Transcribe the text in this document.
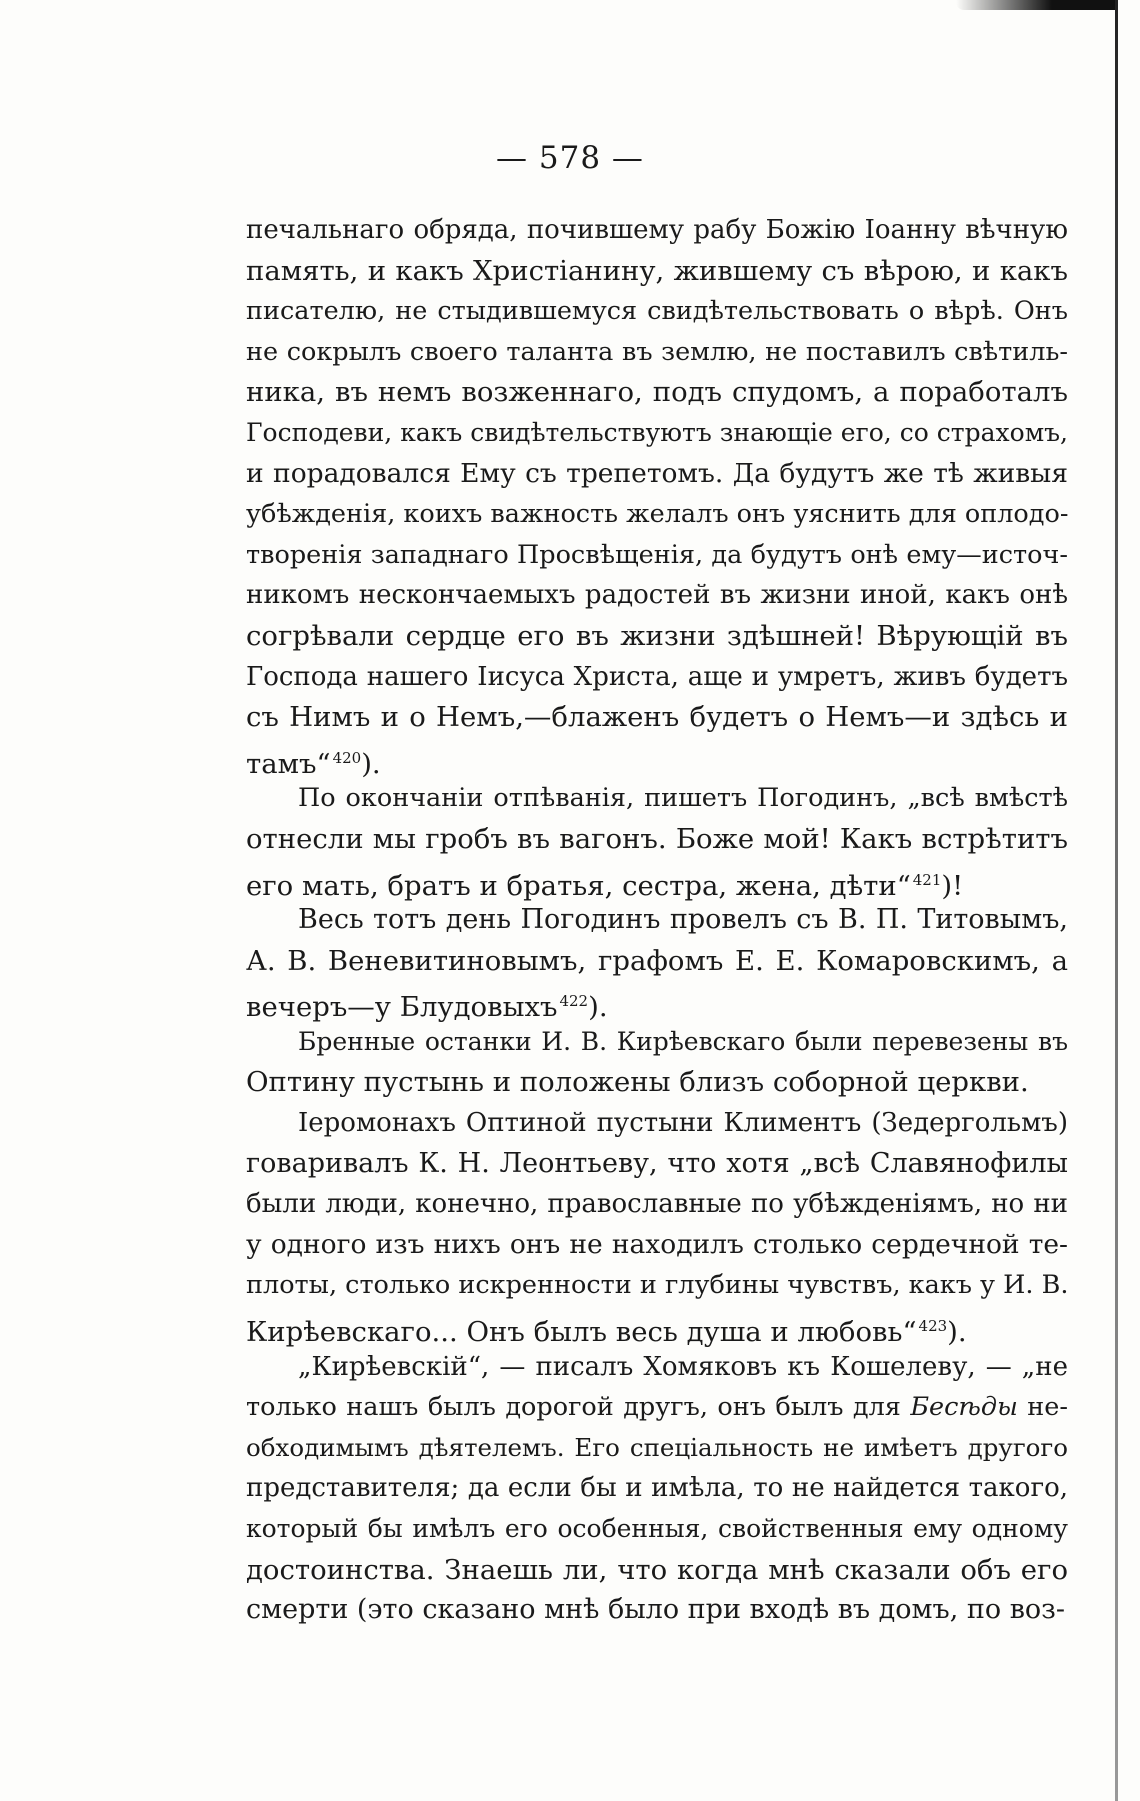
— 578 —
печальнаго обряда, почившему рабу Божію Іоанну вѣчную
память, и какъ Христіанину, жившему съ вѣрою, и какъ
писателю, не стыдившемуся свидѣтельствовать о вѣрѣ. Онъ
не сокрылъ своего таланта въ землю, не поставилъ свѣтиль-
ника, въ немъ возженнаго, подъ спудомъ, а поработалъ
Господеви, какъ свидѣтельствуютъ знающіе его, со страхомъ,
и порадовался Ему съ трепетомъ. Да будутъ же тѣ живыя
убѣжденія, коихъ важность желалъ онъ уяснить для оплодо-
творенія западнаго Просвѣщенія, да будутъ онѣ ему—источ-
никомъ нескончаемыхъ радостей въ жизни иной, какъ онѣ
согрѣвали сердце его въ жизни здѣшней! Вѣрующій въ
Господа нашего Іисуса Христа, аще и умретъ, живъ будетъ
съ Нимъ и о Немъ,—блаженъ будетъ о Немъ—и здѣсь и
тамъ“ $^{420}$).
По окончаніи отпѣванія, пишетъ Погодинъ, „всѣ вмѣстѣ
отнесли мы гробъ въ вагонъ. Боже мой! Какъ встрѣтитъ
его мать, братъ и братья, сестра, жена, дѣти“ $^{421}$)!
Весь тотъ день Погодинъ провелъ съ В. П. Титовымъ,
А. В. Веневитиновымъ, графомъ Е. Е. Комаровскимъ, а
вечеръ—у Блудовыхъ $^{422}$).
Бренные останки И. В. Кирѣевскаго были перевезены въ
Оптину пустынь и положены близъ соборной церкви.
Іеромонахъ Оптиной пустыни Климентъ (Зедергольмъ)
говаривалъ К. Н. Леонтьеву, что хотя „всѣ Славянофилы
были люди, конечно, православные по убѣжденіямъ, но ни
у одного изъ нихъ онъ не находилъ столько сердечной те-
плоты, столько искренности и глубины чувствъ, какъ у И. В.
Кирѣевскаго... Онъ былъ весь душа и любовь“ $^{423}$).
„Кирѣевскій“, — писалъ Хомяковъ къ Кошелеву, — „не
только нашъ былъ дорогой другъ, онъ былъ для Бесѣды не-
обходимымъ дѣятелемъ. Его спеціальность не имѣетъ другого
представителя; да если бы и имѣла, то не найдется такого,
который бы имѣлъ его особенныя, свойственныя ему одному
достоинства. Знаешь ли, что когда мнѣ сказали объ его
смерти (это сказано мнѣ было при входѣ въ домъ, по воз-
